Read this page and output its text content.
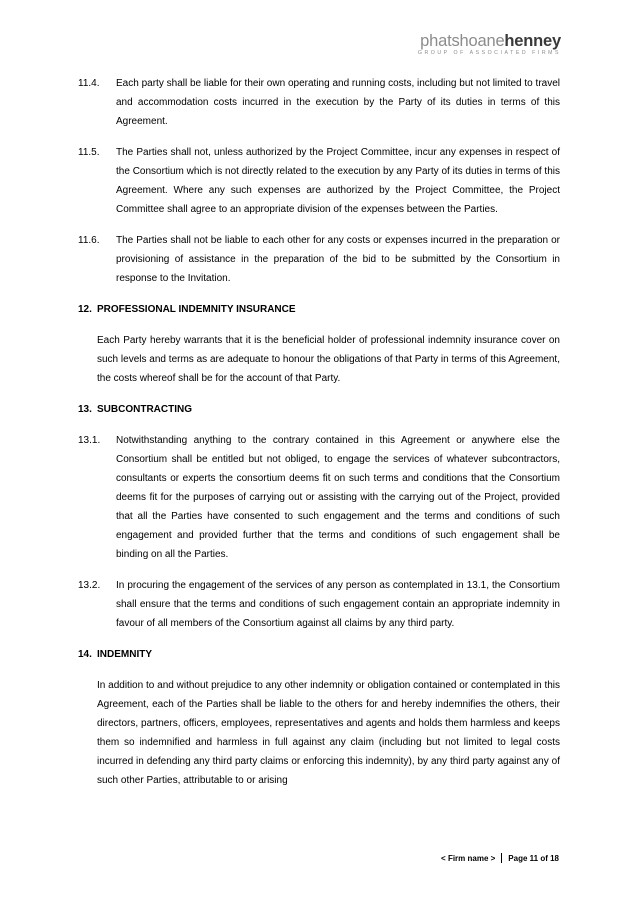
phatshoanehenney
GROUP OF ASSOCIATED FIRMS
11.4. Each party shall be liable for their own operating and running costs, including but not limited to travel and accommodation costs incurred in the execution by the Party of its duties in terms of this Agreement.
11.5. The Parties shall not, unless authorized by the Project Committee, incur any expenses in respect of the Consortium which is not directly related to the execution by any Party of its duties in terms of this Agreement. Where any such expenses are authorized by the Project Committee, the Project Committee shall agree to an appropriate division of the expenses between the Parties.
11.6. The Parties shall not be liable to each other for any costs or expenses incurred in the preparation or provisioning of assistance in the preparation of the bid to be submitted by the Consortium in response to the Invitation.
12. PROFESSIONAL INDEMNITY INSURANCE
Each Party hereby warrants that it is the beneficial holder of professional indemnity insurance cover on such levels and terms as are adequate to honour the obligations of that Party in terms of this Agreement, the costs whereof shall be for the account of that Party.
13. SUBCONTRACTING
13.1. Notwithstanding anything to the contrary contained in this Agreement or anywhere else the Consortium shall be entitled but not obliged, to engage the services of whatever subcontractors, consultants or experts the consortium deems fit on such terms and conditions that the Consortium deems fit for the purposes of carrying out or assisting with the carrying out of the Project, provided that all the Parties have consented to such engagement and the terms and conditions of such engagement and provided further that the terms and conditions of such engagement shall be binding on all the Parties.
13.2. In procuring the engagement of the services of any person as contemplated in 13.1, the Consortium shall ensure that the terms and conditions of such engagement contain an appropriate indemnity in favour of all members of the Consortium against all claims by any third party.
14. INDEMNITY
In addition to and without prejudice to any other indemnity or obligation contained or contemplated in this Agreement, each of the Parties shall be liable to the others for and hereby indemnifies the others, their directors, partners, officers, employees, representatives and agents and holds them harmless and keeps them so indemnified and harmless in full against any claim (including but not limited to legal costs incurred in defending any third party claims or enforcing this indemnity), by any third party against any of such other Parties, attributable to or arising
< Firm name > Page 11 of 18
